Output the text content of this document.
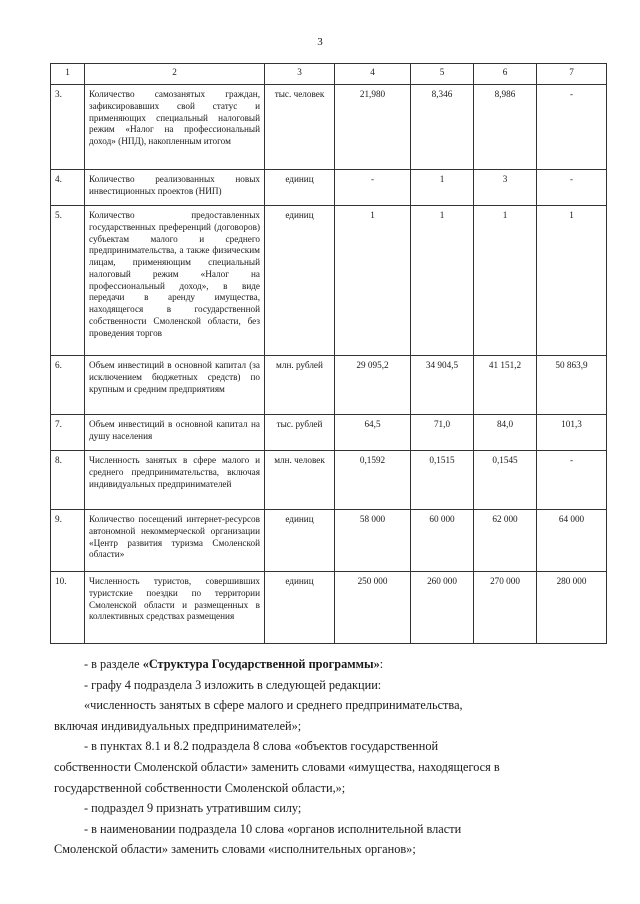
3
1	2	3	4	5	6	7
3.	Количество самозанятых граждан, зафиксировавших свой статус и применяющих специальный налоговый режим «Налог на профессиональный доход» (НПД), накопленным итогом	тыс. человек	21,980	8,346	8,986	-
4.	Количество реализованных новых инвестиционных проектов (НИП)	единиц	-	1	3	-
5.	Количество предоставленных государственных преференций (договоров) субъектам малого и среднего предпринимательства, а также физическим лицам, применяющим специальный налоговый режим «Налог на профессиональный доход», в виде передачи в аренду имущества, находящегося в государственной собственности Смоленской области, без проведения торгов	единиц	1	1	1	1
6.	Объем инвестиций в основной капитал (за исключением бюджетных средств) по крупным и средним предприятиям	млн. рублей	29 095,2	34 904,5	41 151,2	50 863,9
7.	Объем инвестиций в основной капитал на душу населения	тыс. рублей	64,5	71,0	84,0	101,3
8.	Численность занятых в сфере малого и среднего предпринимательства, включая индивидуальных предпринимателей	млн. человек	0,1592	0,1515	0,1545	-
9.	Количество посещений интернет-ресурсов автономной некоммерческой организации «Центр развития туризма Смоленской области»	единиц	58 000	60 000	62 000	64 000
10.	Численность туристов, совершивших туристские поездки по территории Смоленской области и размещенных в коллективных средствах размещения	единиц	250 000	260 000	270 000	280 000

- в разделе «Структура Государственной программы»:

- графу 4 подраздела 3 изложить в следующей редакции:

«численность занятых в сфере малого и среднего предпринимательства,

включая индивидуальных предпринимателей»;

- в пунктах 8.1 и 8.2 подраздела 8 слова «объектов государственной

собственности Смоленской области» заменить словами «имущества, находящегося в

государственной собственности Смоленской области,»;

- подраздел 9 признать утратившим силу;

- в наименовании подраздела 10 слова «органов исполнительной власти

Смоленской области» заменить словами «исполнительных органов»;
